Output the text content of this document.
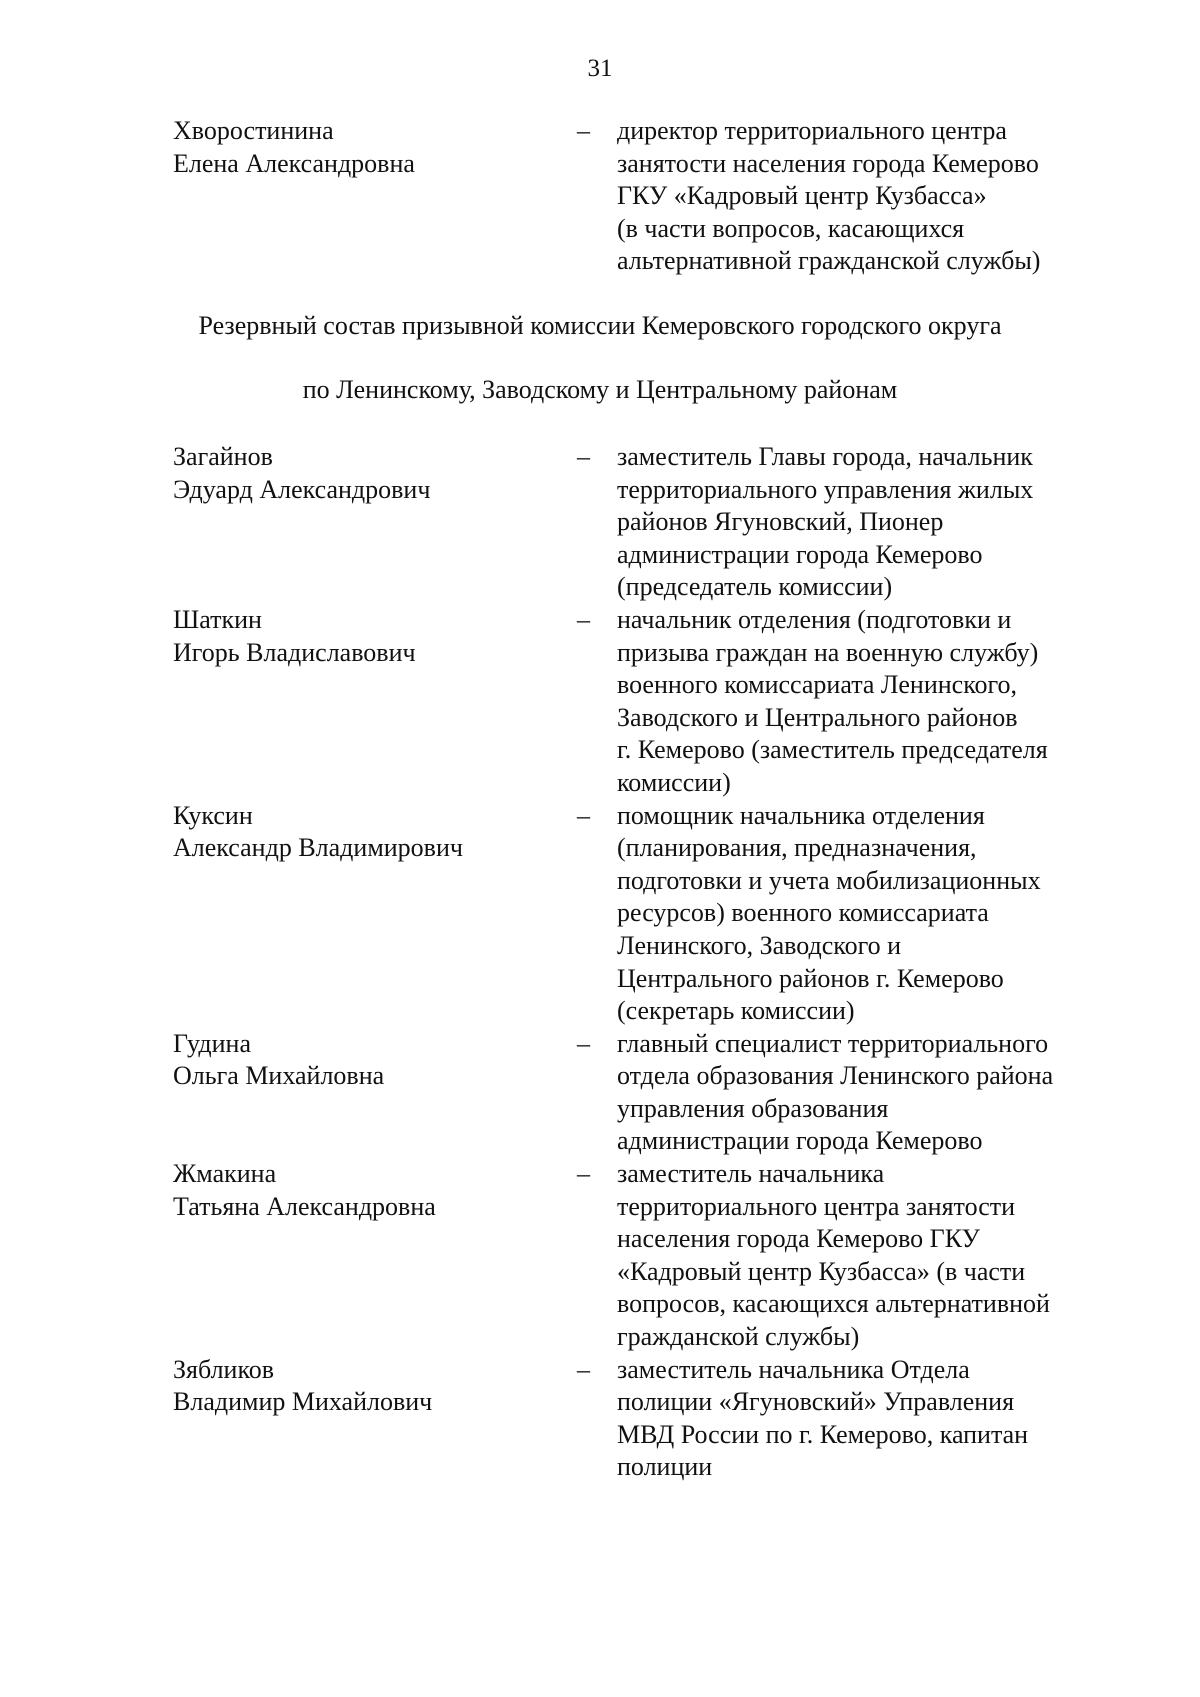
31
Хворостинина
Елена Александровна
– директор территориального центра
занятости населения города Кемерово
ГКУ «Кадровый центр Кузбасса»
(в части вопросов, касающихся
альтернативной гражданской службы)
Резервный состав призывной комиссии Кемеровского городского округа
по Ленинскому, Заводскому и Центральному районам
Загайнов
Эдуард Александрович
– заместитель Главы города, начальник
территориального управления жилых
районов Ягуновский, Пионер
администрации города Кемерово
(председатель комиссии)
Шаткин
Игорь Владиславович
– начальник отделения (подготовки и
призыва граждан на военную службу)
военного комиссариата Ленинского,
Заводского и Центрального районов
г. Кемерово (заместитель председателя
комиссии)
Куксин
Александр Владимирович
– помощник начальника отделения
(планирования, предназначения,
подготовки и учета мобилизационных
ресурсов) военного комиссариата
Ленинского, Заводского и
Центрального районов г. Кемерово
(секретарь комиссии)
Гудина
Ольга Михайловна
– главный специалист территориального
отдела образования Ленинского района
управления образования
администрации города Кемерово
Жмакина
Татьяна Александровна
– заместитель начальника
территориального центра занятости
населения города Кемерово ГКУ
«Кадровый центр Кузбасса» (в части
вопросов, касающихся альтернативной
гражданской службы)
Зябликов
Владимир Михайлович
– заместитель начальника Отдела
полиции «Ягуновский» Управления
МВД России по г. Кемерово, капитан
полиции
